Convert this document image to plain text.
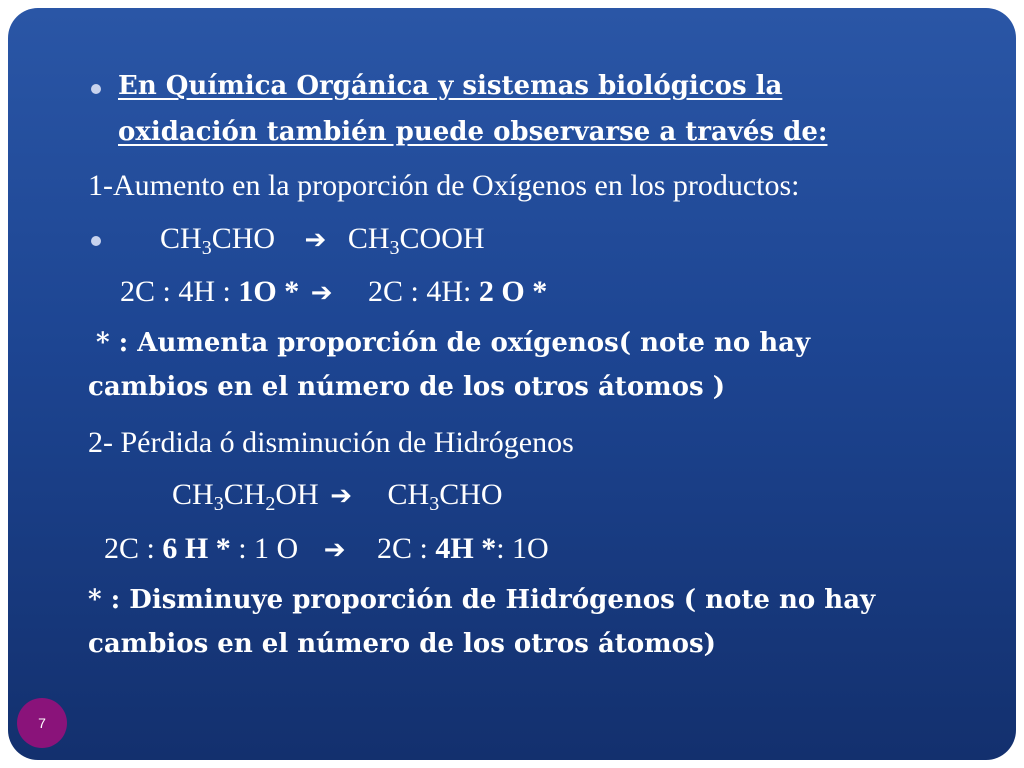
En Química Orgánica y sistemas biológicos la
oxidación también puede observarse a través de:
1-Aumento en la proporción de Oxígenos en los productos:
$CH_3CHO$ ➔ $CH_3COOH$
2C : 4H : 1O * ➔ 2C : 4H: 2 O *
* : Aumenta proporción de oxígenos( note no hay
cambios en el número de los otros átomos )
2- Pérdida ó disminución de Hidrógenos
$CH_3CH_2OH$ ➔ $CH_3CHO$
2C : 6 H * : 1 O ➔ 2C : 4H *: 1O
* : Disminuye proporción de Hidrógenos ( note no hay
cambios en el número de los otros átomos)
7
